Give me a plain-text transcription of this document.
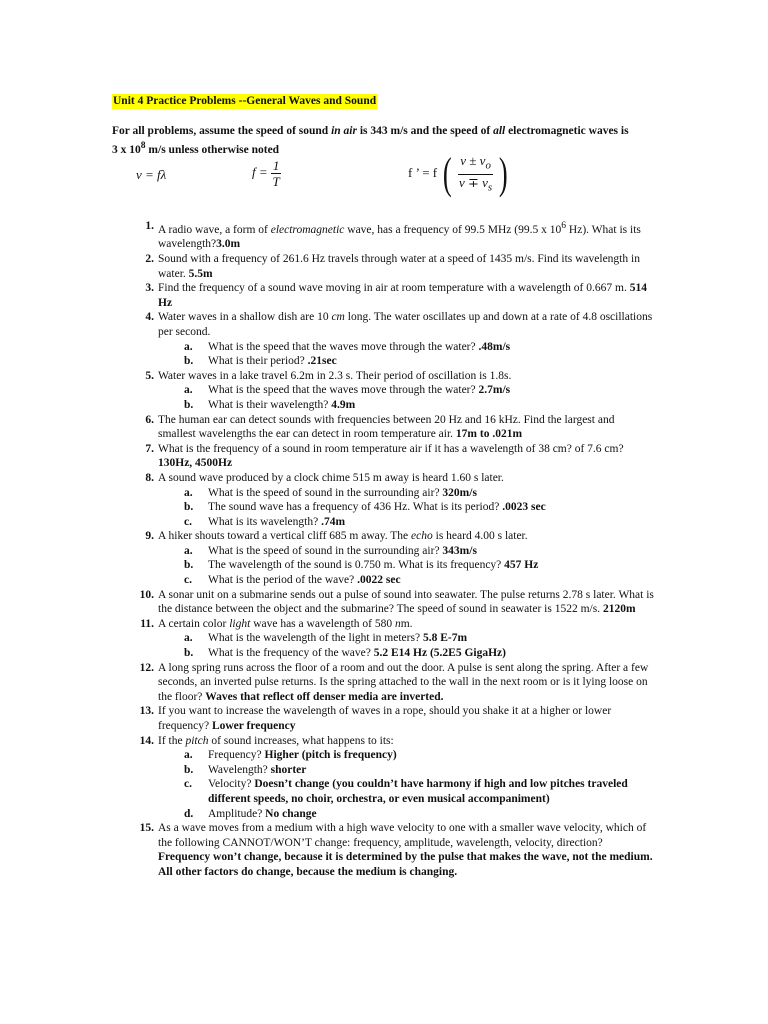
Unit 4 Practice Problems --General Waves and Sound
For all problems, assume the speed of sound in air is 343 m/s and the speed of all electromagnetic waves is 3 x $10^8$ m/s unless otherwise noted
v = fλ	$f = \frac{1}{T}$	f ’ = f ( $\frac{v \pm v_o}{v \mp v_s}$ )
1. A radio wave, a form of electromagnetic wave, has a frequency of 99.5 MHz (99.5 x $10^6$ Hz). What is its wavelength?3.0m
2. Sound with a frequency of 261.6 Hz travels through water at a speed of 1435 m/s. Find its wavelength in water. 5.5m
3. Find the frequency of a sound wave moving in air at room temperature with a wavelength of 0.667 m. 514 Hz
4. Water waves in a shallow dish are 10 cm long. The water oscillates up and down at a rate of 4.8 oscillations per second.
a. What is the speed that the waves move through the water? .48m/s
b. What is their period? .21sec
5. Water waves in a lake travel 6.2m in 2.3 s. Their period of oscillation is 1.8s.
a. What is the speed that the waves move through the water? 2.7m/s
b. What is their wavelength? 4.9m
6. The human ear can detect sounds with frequencies between 20 Hz and 16 kHz. Find the largest and smallest wavelengths the ear can detect in room temperature air. 17m to .021m
7. What is the frequency of a sound in room temperature air if it has a wavelength of 38 cm? of 7.6 cm? 130Hz, 4500Hz
8. A sound wave produced by a clock chime 515 m away is heard 1.60 s later.
a. What is the speed of sound in the surrounding air? 320m/s
b. The sound wave has a frequency of 436 Hz. What is its period? .0023 sec
c. What is its wavelength? .74m
9. A hiker shouts toward a vertical cliff 685 m away. The echo is heard 4.00 s later.
a. What is the speed of sound in the surrounding air? 343m/s
b. The wavelength of the sound is 0.750 m. What is its frequency? 457 Hz
c. What is the period of the wave? .0022 sec
10. A sonar unit on a submarine sends out a pulse of sound into seawater. The pulse returns 2.78 s later. What is the distance between the object and the submarine? The speed of sound in seawater is 1522 m/s. 2120m
11. A certain color light wave has a wavelength of 580 nm.
a. What is the wavelength of the light in meters? 5.8 E-7m
b. What is the frequency of the wave? 5.2 E14 Hz (5.2E5 GigaHz)
12. A long spring runs across the floor of a room and out the door. A pulse is sent along the spring. After a few seconds, an inverted pulse returns. Is the spring attached to the wall in the next room or is it lying loose on the floor? Waves that reflect off denser media are inverted.
13. If you want to increase the wavelength of waves in a rope, should you shake it at a higher or lower frequency? Lower frequency
14. If the pitch of sound increases, what happens to its:
a. Frequency? Higher (pitch is frequency)
b. Wavelength? shorter
c. Velocity? Doesn’t change (you couldn’t have harmony if high and low pitches traveled different speeds, no choir, orchestra, or even musical accompaniment)
d. Amplitude? No change
15. As a wave moves from a medium with a high wave velocity to one with a smaller wave velocity, which of the following CANNOT/WON’T change: frequency, amplitude, wavelength, velocity, direction? Frequency won’t change, because it is determined by the pulse that makes the wave, not the medium. All other factors do change, because the medium is changing.
